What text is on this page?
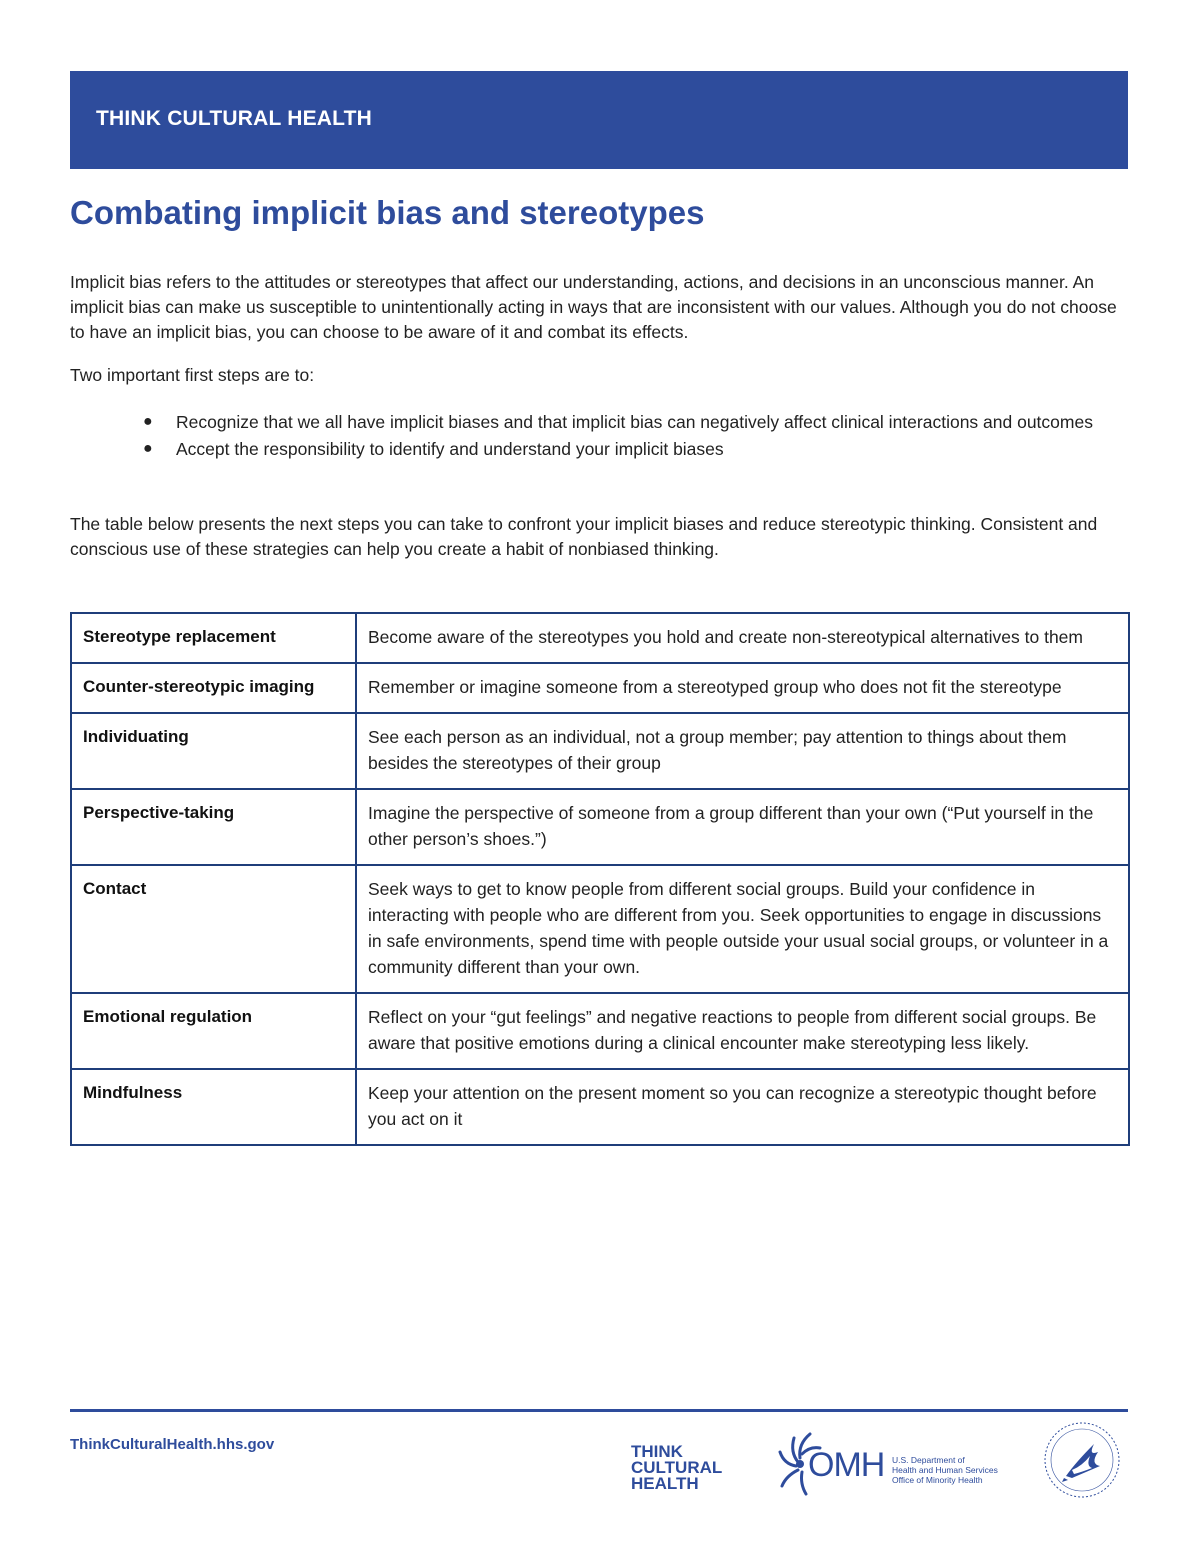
THINK CULTURAL HEALTH
Combating implicit bias and stereotypes

Implicit bias refers to the attitudes or stereotypes that affect our understanding, actions, and decisions in an unconscious manner. An implicit bias can make us susceptible to unintentionally acting in ways that are inconsistent with our values. Although you do not choose to have an implicit bias, you can choose to be aware of it and combat its effects.

Two important first steps are to:

● Recognize that we all have implicit biases and that implicit bias can negatively affect clinical interactions and outcomes
● Accept the responsibility to identify and understand your implicit biases

The table below presents the next steps you can take to confront your implicit biases and reduce stereotypic thinking. Consistent and conscious use of these strategies can help you create a habit of nonbiased thinking.

Stereotype replacement	Become aware of the stereotypes you hold and create non-stereotypical alternatives to them
Counter-stereotypic imaging	Remember or imagine someone from a stereotyped group who does not fit the stereotype
Individuating	See each person as an individual, not a group member; pay attention to things about them besides the stereotypes of their group
Perspective-taking	Imagine the perspective of someone from a group different than your own (“Put yourself in the other person’s shoes.”)
Contact	Seek ways to get to know people from different social groups. Build your confidence in interacting with people who are different from you. Seek opportunities to engage in discussions in safe environments, spend time with people outside your usual social groups, or volunteer in a community different than your own.
Emotional regulation	Reflect on your “gut feelings” and negative reactions to people from different social groups. Be aware that positive emotions during a clinical encounter make stereotyping less likely.
Mindfulness	Keep your attention on the present moment so you can recognize a stereotypic thought before you act on it
ThinkCulturalHealth.hhs.gov	THINK
CULTURAL
HEALTH	OMH U.S. Department of
Health and Human Services
Office of Minority Health
